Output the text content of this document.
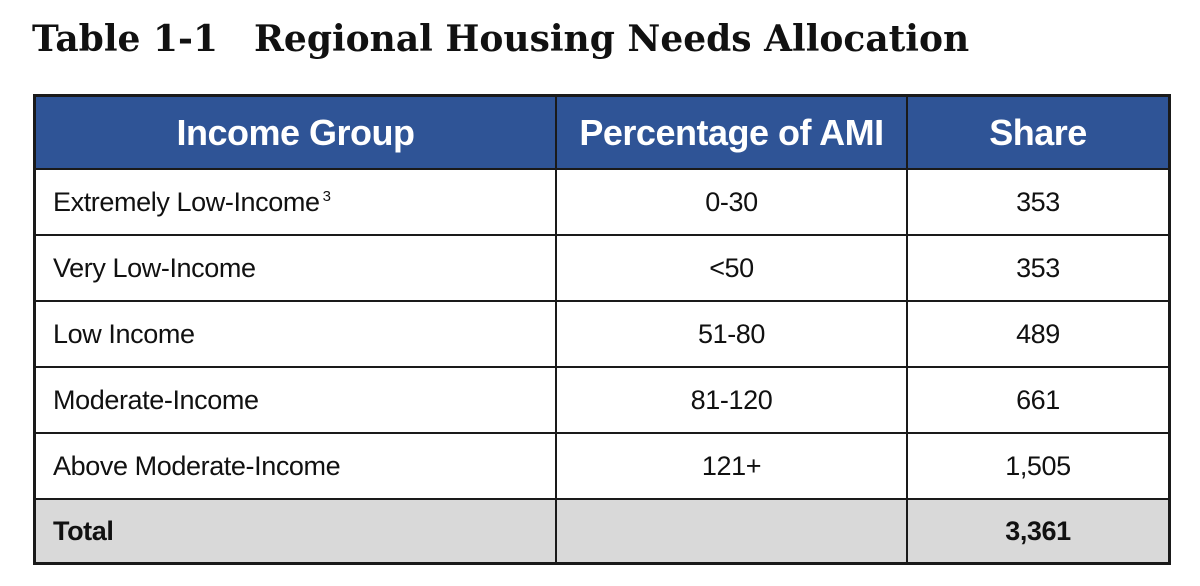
Table 1-1 Regional Housing Needs Allocation
Income Group	Percentage of AMI	Share
Extremely Low-Income $^3$	0-30	353
Very Low-Income	<50	353
Low Income	51-80	489
Moderate-Income	81-120	661
Above Moderate-Income	121+	1,505
Total		3,361
